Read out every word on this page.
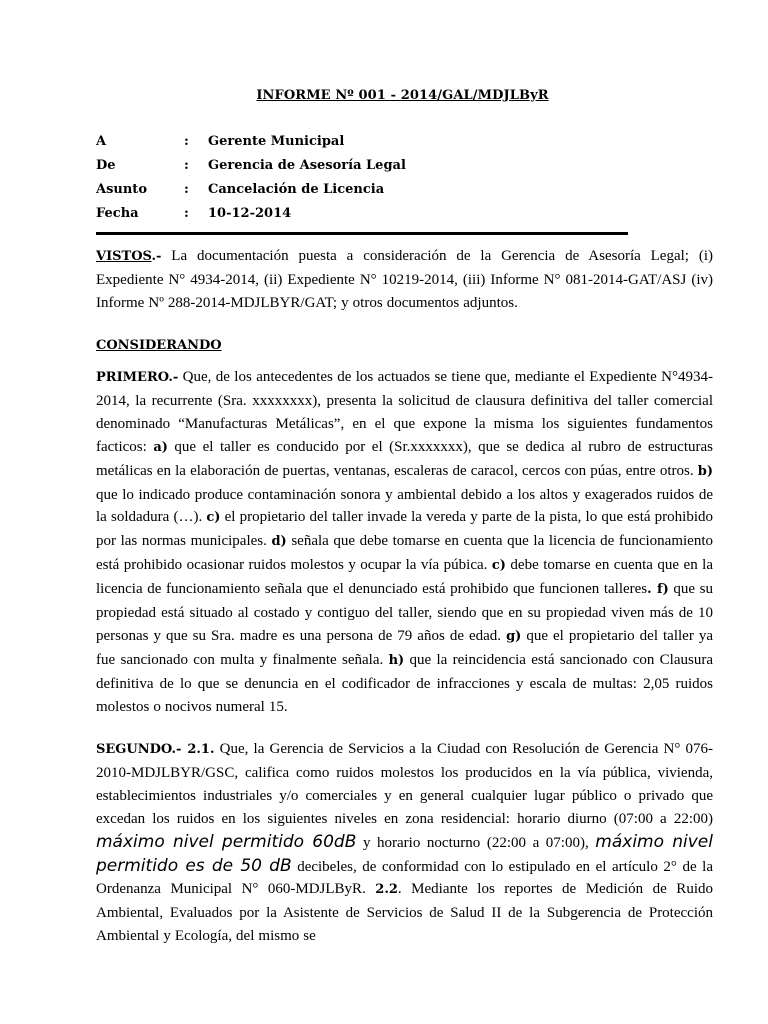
INFORME Nº 001 - 2014/GAL/MDJLByR
A	: Gerente Municipal
De	: Gerencia de Asesoría Legal
Asunto	: Cancelación de Licencia
Fecha	: 10-12-2014
VISTOS.- La documentación puesta a consideración de la Gerencia de Asesoría Legal; (i) Expediente N° 4934-2014, (ii) Expediente N° 10219-2014, (iii) Informe N° 081-2014-GAT/ASJ (iv) Informe Nº 288-2014-MDJLBYR/GAT; y otros documentos adjuntos.
CONSIDERANDO
PRIMERO.- Que, de los antecedentes de los actuados se tiene que, mediante el Expediente N°4934-2014, la recurrente (Sra. xxxxxxxx), presenta la solicitud de clausura definitiva del taller comercial denominado “Manufacturas Metálicas”, en el que expone la misma los siguientes fundamentos facticos: a) que el taller es conducido por el (Sr.xxxxxxx), que se dedica al rubro de estructuras metálicas en la elaboración de puertas, ventanas, escaleras de caracol, cercos con púas, entre otros. b) que lo indicado produce contaminación sonora y ambiental debido a los altos y exagerados ruidos de la soldadura (…). c) el propietario del taller invade la vereda y parte de la pista, lo que está prohibido por las normas municipales. d) señala que debe tomarse en cuenta que la licencia de funcionamiento está prohibido ocasionar ruidos molestos y ocupar la vía púbica. c) debe tomarse en cuenta que en la licencia de funcionamiento señala que el denunciado está prohibido que funcionen talleres. f) que su propiedad está situado al costado y contiguo del taller, siendo que en su propiedad viven más de 10 personas y que su Sra. madre es una persona de 79 años de edad. g) que el propietario del taller ya fue sancionado con multa y finalmente señala. h) que la reincidencia está sancionado con Clausura definitiva de lo que se denuncia en el codificador de infracciones y escala de multas: 2,05 ruidos molestos o nocivos numeral 15.
SEGUNDO.- 2.1. Que, la Gerencia de Servicios a la Ciudad con Resolución de Gerencia N° 076-2010-MDJLBYR/GSC, califica como ruidos molestos los producidos en la vía pública, vivienda, establecimientos industriales y/o comerciales y en general cualquier lugar público o privado que excedan los ruidos en los siguientes niveles en zona residencial: horario diurno (07:00 a 22:00) máximo nivel permitido 60dB y horario nocturno (22:00 a 07:00), máximo nivel permitido es de 50 dB decibeles, de conformidad con lo estipulado en el artículo 2° de la Ordenanza Municipal N° 060-MDJLByR. 2.2. Mediante los reportes de Medición de Ruido Ambiental, Evaluados por la Asistente de Servicios de Salud II de la Subgerencia de Protección Ambiental y Ecología, del mismo se
